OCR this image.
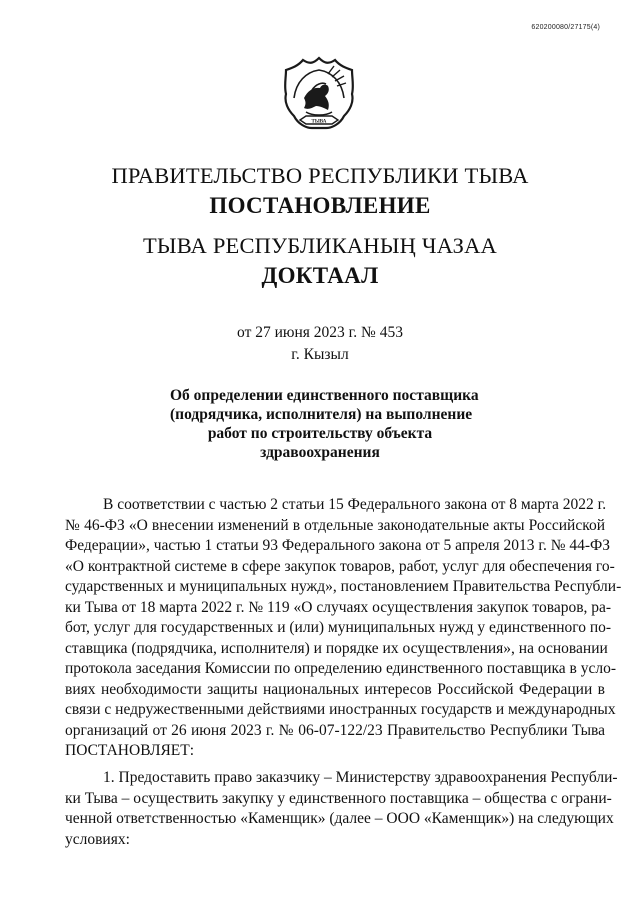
620200080/27175(4)
ТЫВА
ПРАВИТЕЛЬСТВО РЕСПУБЛИКИ ТЫВА
ПОСТАНОВЛЕНИЕ
ТЫВА РЕСПУБЛИКАНЫҢ ЧАЗАА
ДОКТААЛ
от 27 июня 2023 г. № 453
г. Кызыл
Об определении единственного поставщика
(подрядчика, исполнителя) на выполнение
работ по строительству объекта
здравоохранения
В соответствии с частью 2 статьи 15 Федерального закона от 8 марта 2022 г.
№ 46-ФЗ «О внесении изменений в отдельные законодательные акты Российской
Федерации», частью 1 статьи 93 Федерального закона от 5 апреля 2013 г. № 44-ФЗ
«О контрактной системе в сфере закупок товаров, работ, услуг для обеспечения го-
сударственных и муниципальных нужд», постановлением Правительства Республи-
ки Тыва от 18 марта 2022 г. № 119 «О случаях осуществления закупок товаров, ра-
бот, услуг для государственных и (или) муниципальных нужд у единственного по-
ставщика (подрядчика, исполнителя) и порядке их осуществления», на основании
протокола заседания Комиссии по определению единственного поставщика в усло-
виях необходимости защиты национальных интересов Российской Федерации в
связи с недружественными действиями иностранных государств и международных
организаций от 26 июня 2023 г. № 06-07-122/23 Правительство Республики Тыва
ПОСТАНОВЛЯЕТ:
1. Предоставить право заказчику – Министерству здравоохранения Республи-
ки Тыва – осуществить закупку у единственного поставщика – общества с ограни-
ченной ответственностью «Каменщик» (далее – ООО «Каменщик») на следующих
условиях:
